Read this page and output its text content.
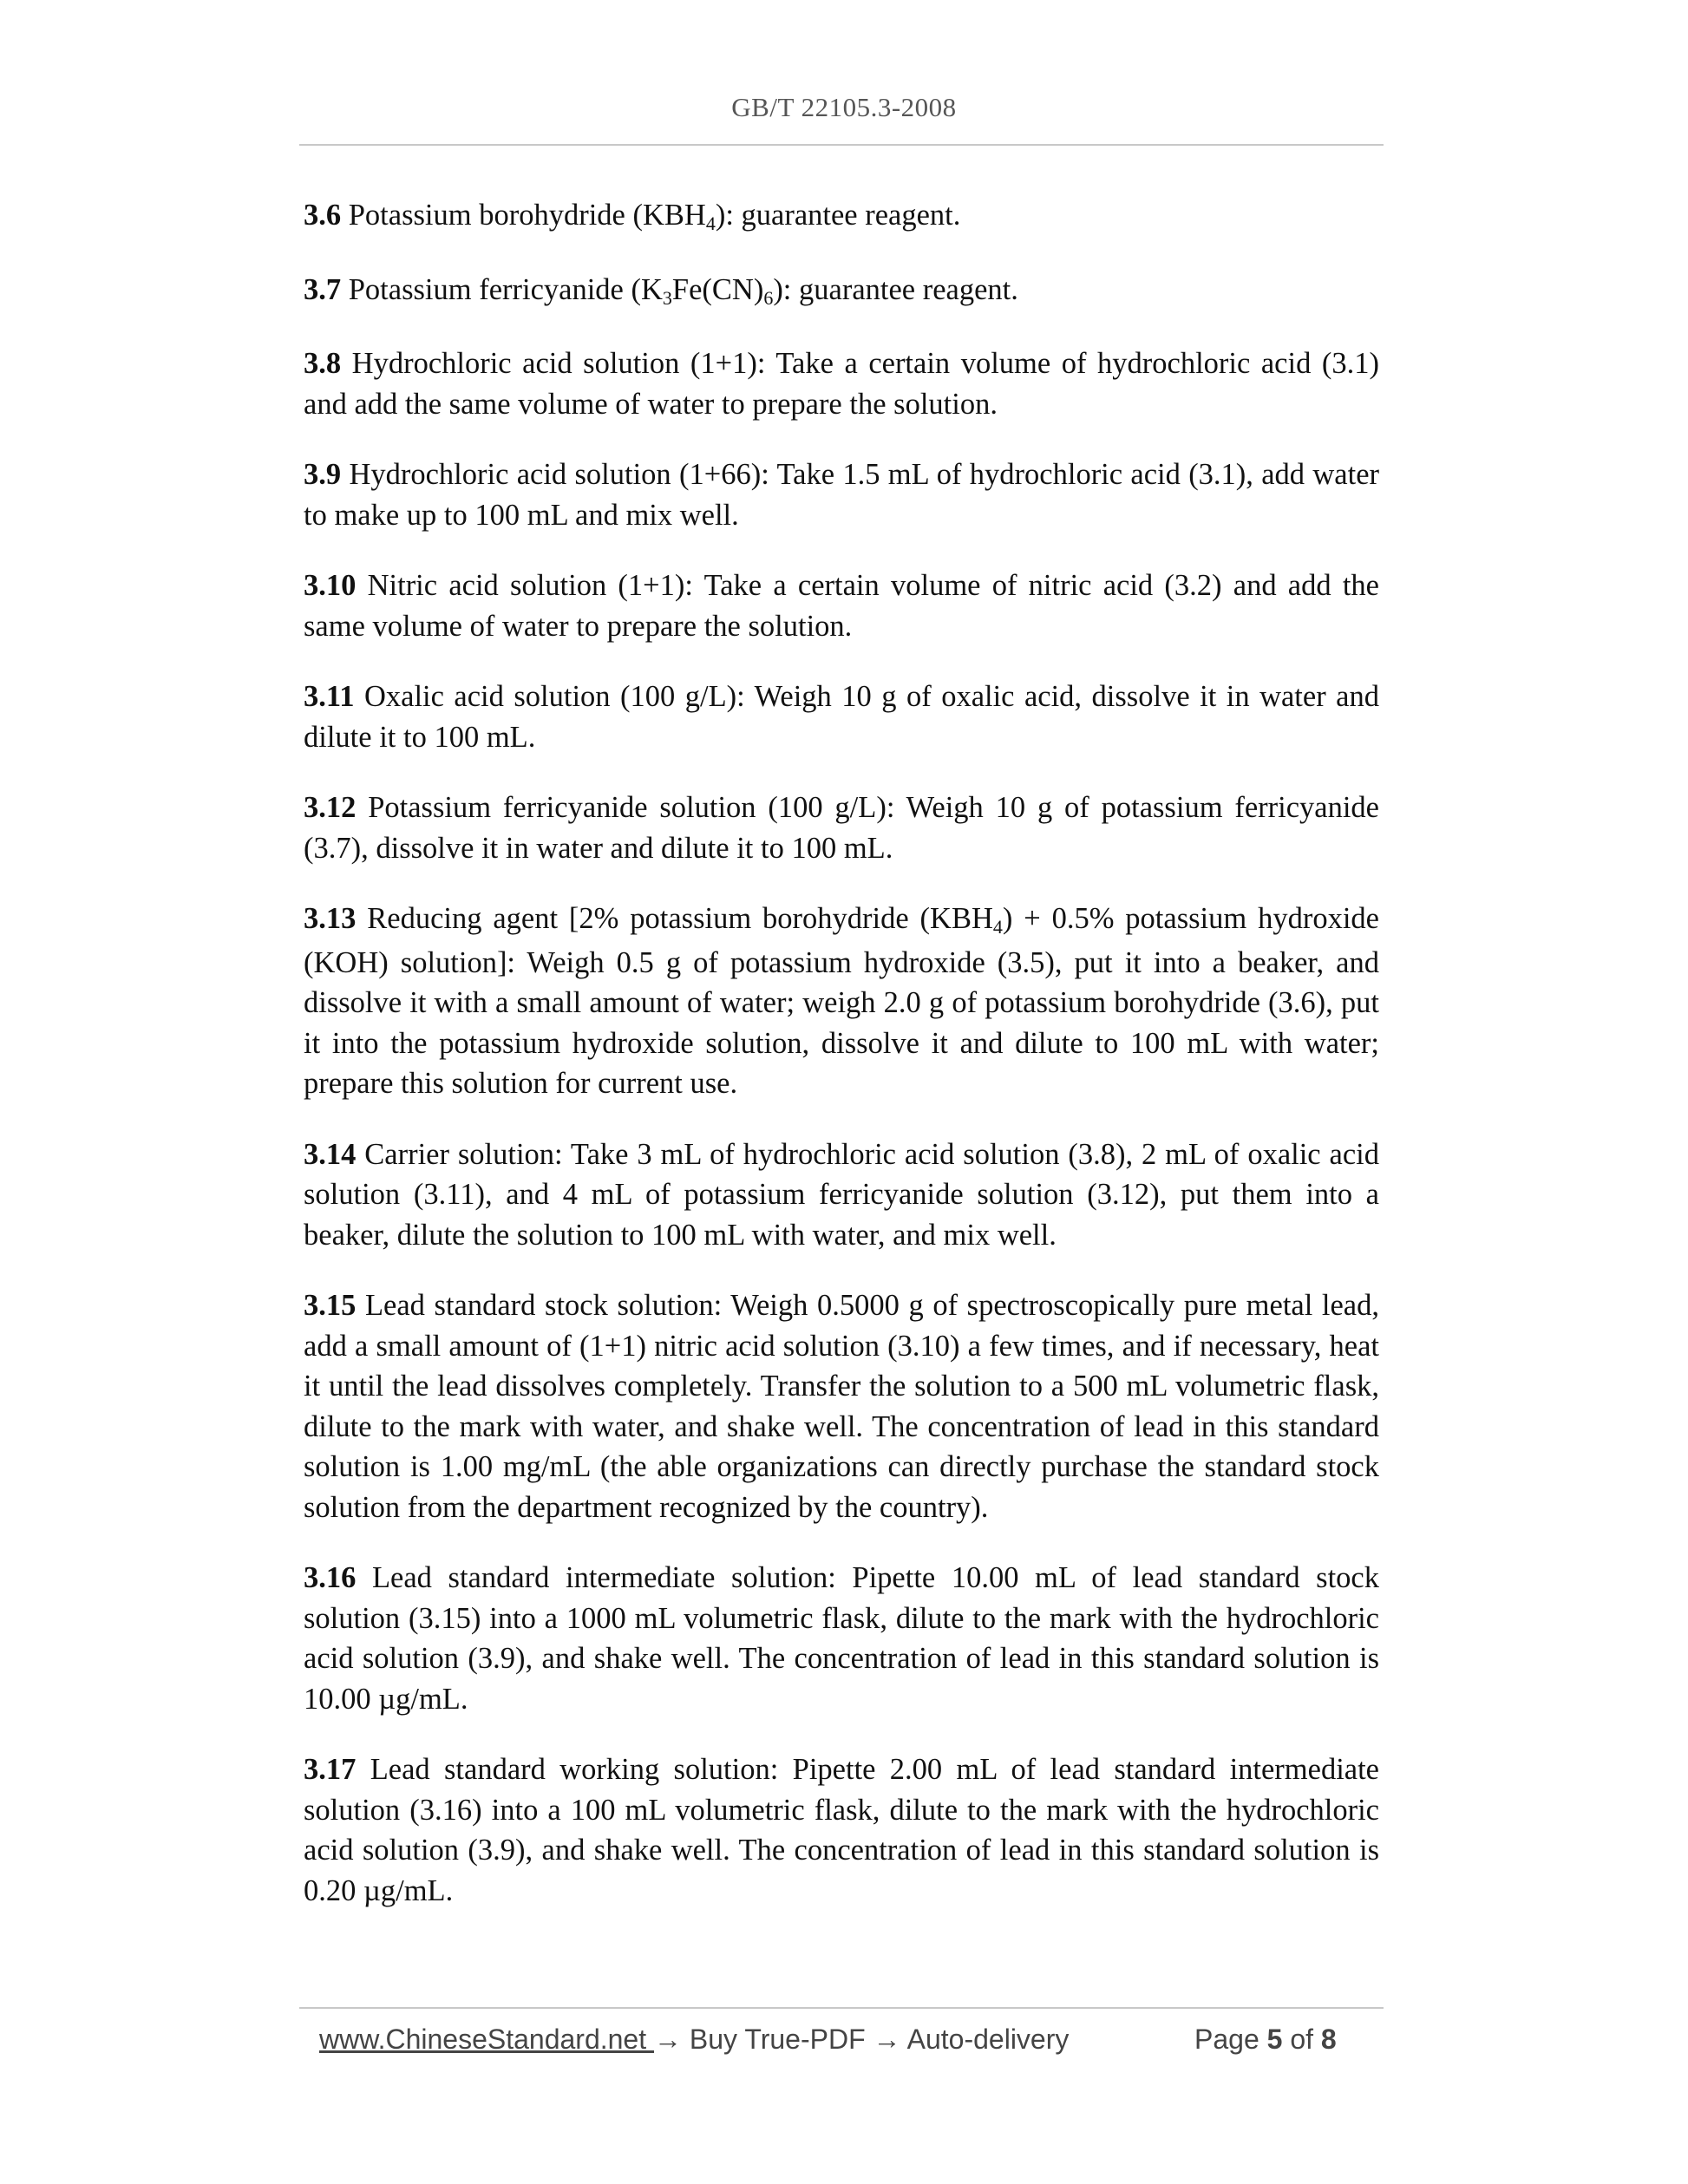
GB/T 22105.3-2008

3.6 Potassium borohydride (KBH4): guarantee reagent.

3.7 Potassium ferricyanide (K3Fe(CN)6): guarantee reagent.

3.8 Hydrochloric acid solution (1+1): Take a certain volume of hydrochloric acid (3.1) and add the same volume of water to prepare the solution.

3.9 Hydrochloric acid solution (1+66): Take 1.5 mL of hydrochloric acid (3.1), add water to make up to 100 mL and mix well.

3.10 Nitric acid solution (1+1): Take a certain volume of nitric acid (3.2) and add the same volume of water to prepare the solution.

3.11 Oxalic acid solution (100 g/L): Weigh 10 g of oxalic acid, dissolve it in water and dilute it to 100 mL.

3.12 Potassium ferricyanide solution (100 g/L): Weigh 10 g of potassium ferricyanide (3.7), dissolve it in water and dilute it to 100 mL.

3.13 Reducing agent [2% potassium borohydride (KBH4) + 0.5% potassium hydroxide (KOH) solution]: Weigh 0.5 g of potassium hydroxide (3.5), put it into a beaker, and dissolve it with a small amount of water; weigh 2.0 g of potassium borohydride (3.6), put it into the potassium hydroxide solution, dissolve it and dilute to 100 mL with water; prepare this solution for current use.

3.14 Carrier solution: Take 3 mL of hydrochloric acid solution (3.8), 2 mL of oxalic acid solution (3.11), and 4 mL of potassium ferricyanide solution (3.12), put them into a beaker, dilute the solution to 100 mL with water, and mix well.

3.15 Lead standard stock solution: Weigh 0.5000 g of spectroscopically pure metal lead, add a small amount of (1+1) nitric acid solution (3.10) a few times, and if necessary, heat it until the lead dissolves completely. Transfer the solution to a 500 mL volumetric flask, dilute to the mark with water, and shake well. The concentration of lead in this standard solution is 1.00 mg/mL (the able organizations can directly purchase the standard stock solution from the department recognized by the country).

3.16 Lead standard intermediate solution: Pipette 10.00 mL of lead standard stock solution (3.15) into a 1000 mL volumetric flask, dilute to the mark with the hydrochloric acid solution (3.9), and shake well. The concentration of lead in this standard solution is 10.00 µg/mL.

3.17 Lead standard working solution: Pipette 2.00 mL of lead standard intermediate solution (3.16) into a 100 mL volumetric flask, dilute to the mark with the hydrochloric acid solution (3.9), and shake well. The concentration of lead in this standard solution is 0.20 µg/mL.

www.ChineseStandard.net → Buy True-PDF → Auto-delivery	Page 5 of 8
